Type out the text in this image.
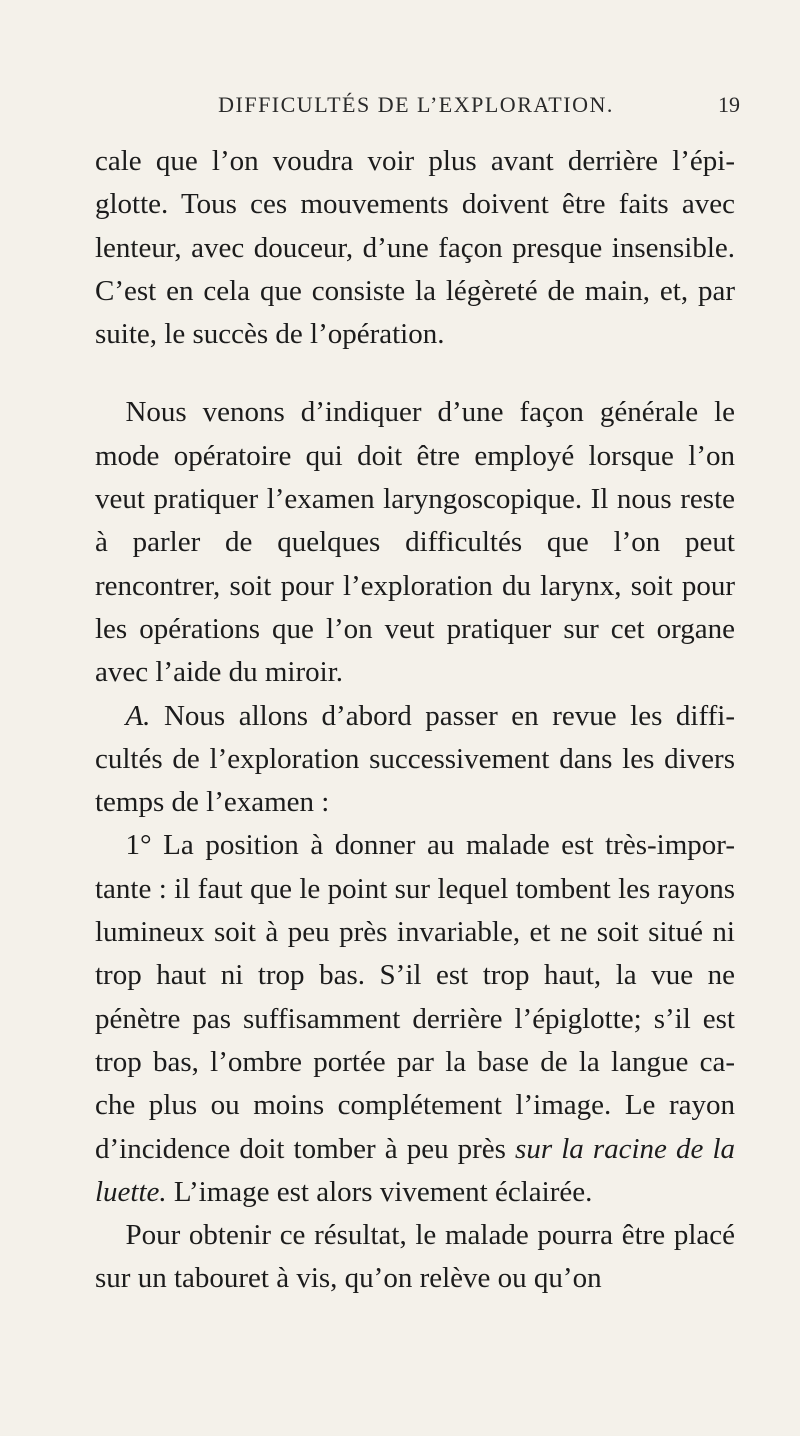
DIFFICULTÉS DE L’EXPLORATION.	19

cale que l’on voudra voir plus avant derrière l’épi-glotte. Tous ces mouvements doivent être faits avec lenteur, avec douceur, d’une façon presque insensible. C’est en cela que consiste la légèreté de main, et, par suite, le succès de l’opération.

Nous venons d’indiquer d’une façon générale le mode opératoire qui doit être employé lorsque l’on veut pratiquer l’examen laryngoscopique. Il nous reste à parler de quelques difficultés que l’on peut rencontrer, soit pour l’exploration du larynx, soit pour les opérations que l’on veut pratiquer sur cet organe avec l’aide du miroir.

A. Nous allons d’abord passer en revue les diffi-cultés de l’exploration successivement dans les divers temps de l’examen :

1° La position à donner au malade est très-impor-tante : il faut que le point sur lequel tombent les rayons lumineux soit à peu près invariable, et ne soit situé ni trop haut ni trop bas. S’il est trop haut, la vue ne pénètre pas suffisamment derrière l’épiglotte; s’il est trop bas, l’ombre portée par la base de la langue ca-che plus ou moins complétement l’image. Le rayon d’incidence doit tomber à peu près sur la racine de la luette. L’image est alors vivement éclairée.

Pour obtenir ce résultat, le malade pourra être placé sur un tabouret à vis, qu’on relève ou qu’on
